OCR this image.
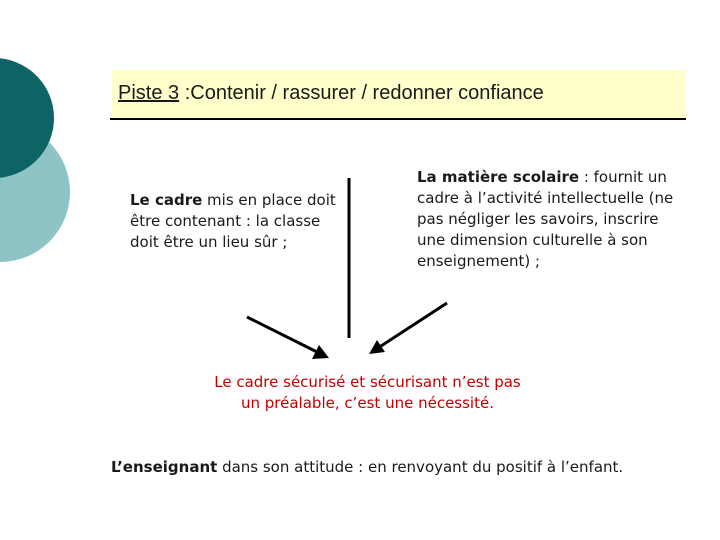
Piste 3 :Contenir / rassurer / redonner confiance
Le cadre mis en place doit être contenant : la classe doit être un lieu sûr ;
La matière scolaire : fournit un cadre à l’activité intellectuelle (ne pas négliger les savoirs, inscrire une dimension culturelle à son enseignement) ;
Le cadre sécurisé et sécurisant n’est pas
un préalable, c’est une nécessité.
L’enseignant dans son attitude : en renvoyant du positif à l’enfant.
